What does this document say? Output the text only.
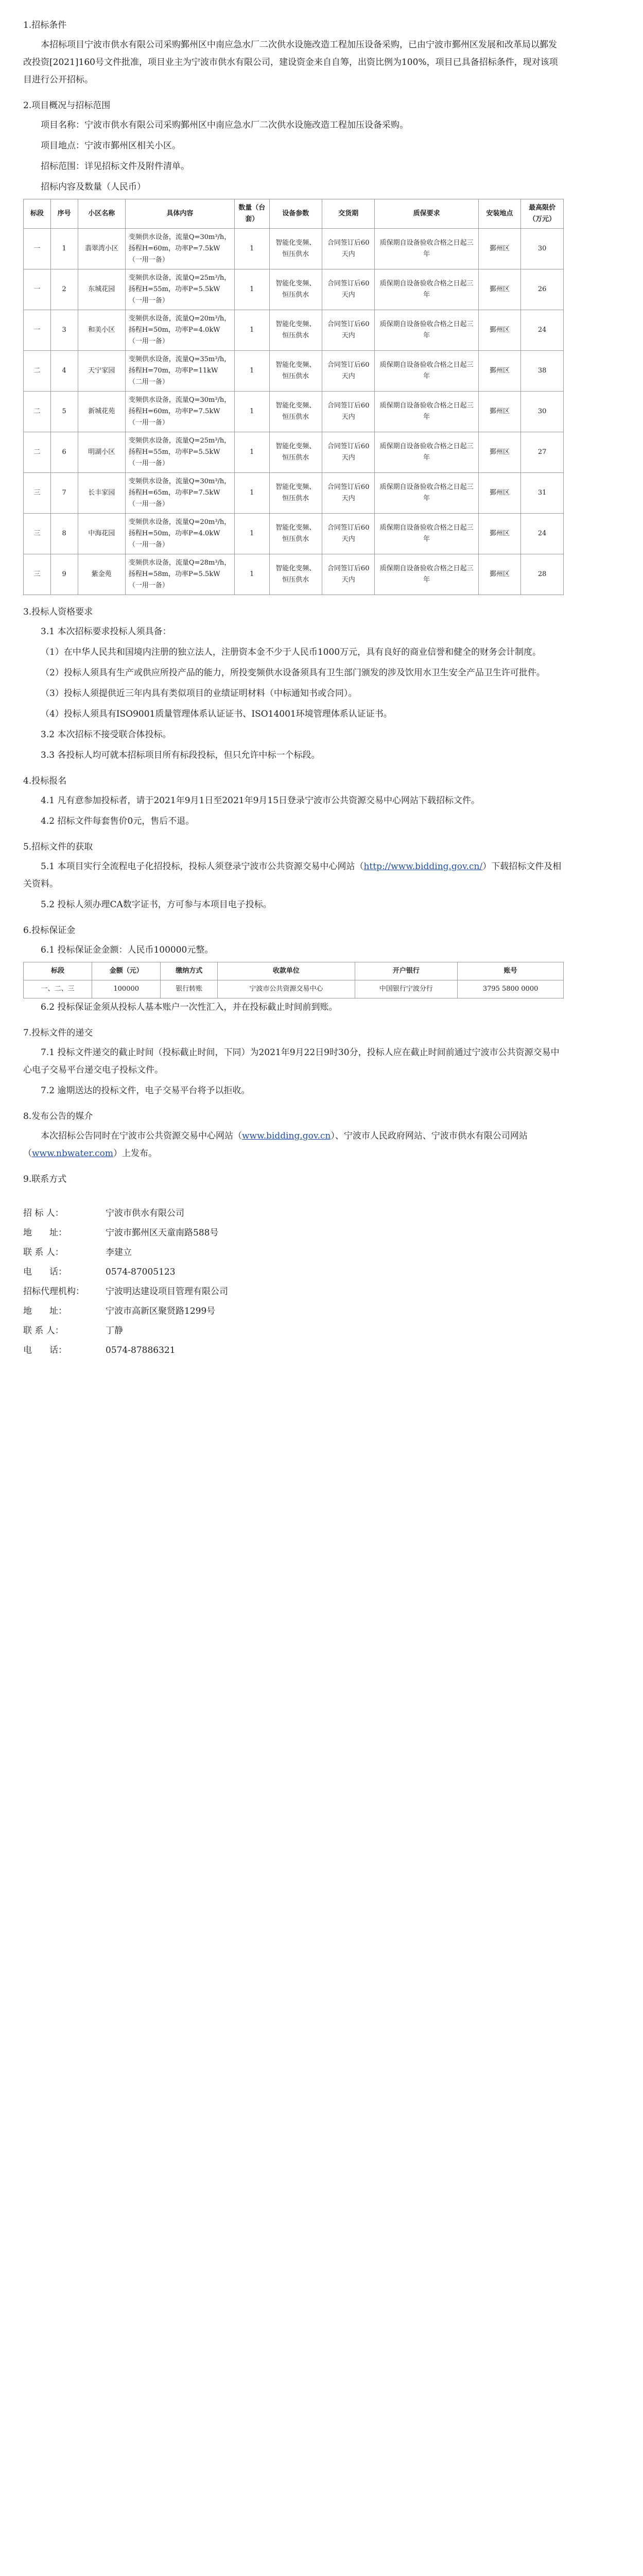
1.招标条件

本招标项目宁波市供水有限公司采购鄞州区中南应急水厂二次供水设施改造工程加压设备采购，已由宁波市鄞州区发展和改革局以鄞发改投资[2021]160号文件批准，项目业主为宁波市供水有限公司，建设资金来自自筹，出资比例为100%，项目已具备招标条件，现对该项目进行公开招标。

2.项目概况与招标范围

项目名称：宁波市供水有限公司采购鄞州区中南应急水厂二次供水设施改造工程加压设备采购。

项目地点：宁波市鄞州区相关小区。

招标范围：详见招标文件及附件清单。

招标内容及数量（人民币）

标段	序号	小区名称	具体内容	数量（台套）	设备参数	交货期	质保要求	安装地点	最高限价（万元）
一	1	翡翠湾小区	变频供水设备，流量Q=30m³/h，扬程H=60m，功率P=7.5kW（一用一备）	1	智能化变频、恒压供水	合同签订后60天内	质保期自设备验收合格之日起三年	鄞州区	30
一	2	东城花园	变频供水设备，流量Q=25m³/h，扬程H=55m，功率P=5.5kW（一用一备）	1	智能化变频、恒压供水	合同签订后60天内	质保期自设备验收合格之日起三年	鄞州区	26
一	3	和美小区	变频供水设备，流量Q=20m³/h，扬程H=50m，功率P=4.0kW（一用一备）	1	智能化变频、恒压供水	合同签订后60天内	质保期自设备验收合格之日起三年	鄞州区	24
二	4	天宁家园	变频供水设备，流量Q=35m³/h，扬程H=70m，功率P=11kW（二用一备）	1	智能化变频、恒压供水	合同签订后60天内	质保期自设备验收合格之日起三年	鄞州区	38
二	5	新城花苑	变频供水设备，流量Q=30m³/h，扬程H=60m，功率P=7.5kW（一用一备）	1	智能化变频、恒压供水	合同签订后60天内	质保期自设备验收合格之日起三年	鄞州区	30
二	6	明湖小区	变频供水设备，流量Q=25m³/h，扬程H=55m，功率P=5.5kW（一用一备）	1	智能化变频、恒压供水	合同签订后60天内	质保期自设备验收合格之日起三年	鄞州区	27
三	7	长丰家园	变频供水设备，流量Q=30m³/h，扬程H=65m，功率P=7.5kW（一用一备）	1	智能化变频、恒压供水	合同签订后60天内	质保期自设备验收合格之日起三年	鄞州区	31
三	8	中海花园	变频供水设备，流量Q=20m³/h，扬程H=50m，功率P=4.0kW（一用一备）	1	智能化变频、恒压供水	合同签订后60天内	质保期自设备验收合格之日起三年	鄞州区	24
三	9	紫金苑	变频供水设备，流量Q=28m³/h，扬程H=58m，功率P=5.5kW（一用一备）	1	智能化变频、恒压供水	合同签订后60天内	质保期自设备验收合格之日起三年	鄞州区	28
3.投标人资格要求

3.1 本次招标要求投标人须具备：

（1）在中华人民共和国境内注册的独立法人，注册资本金不少于人民币1000万元，具有良好的商业信誉和健全的财务会计制度。

（2）投标人须具有生产或供应所投产品的能力，所投变频供水设备须具有卫生部门颁发的涉及饮用水卫生安全产品卫生许可批件。

（3）投标人须提供近三年内具有类似项目的业绩证明材料（中标通知书或合同）。

（4）投标人须具有ISO9001质量管理体系认证证书、ISO14001环境管理体系认证证书。

3.2 本次招标不接受联合体投标。

3.3 各投标人均可就本招标项目所有标段投标，但只允许中标一个标段。

4.投标报名

4.1 凡有意参加投标者，请于2021年9月1日至2021年9月15日登录宁波市公共资源交易中心网站下载招标文件。

4.2 招标文件每套售价0元，售后不退。

5.招标文件的获取

5.1 本项目实行全流程电子化招投标，投标人须登录宁波市公共资源交易中心网站（http://www.bidding.gov.cn/）下载招标文件及相关资料。

5.2 投标人须办理CA数字证书，方可参与本项目电子投标。

6.投标保证金

6.1 投标保证金金额：人民币100000元整。

标段	金额（元）	缴纳方式	收款单位	开户银行	账号
一、二、三	100000	银行转账	宁波市公共资源交易中心	中国银行宁波分行	3795 5800 0000

6.2 投标保证金须从投标人基本账户一次性汇入，并在投标截止时间前到账。

7.投标文件的递交

7.1 投标文件递交的截止时间（投标截止时间，下同）为2021年9月22日9时30分，投标人应在截止时间前通过宁波市公共资源交易中心电子交易平台递交电子投标文件。

7.2 逾期送达的投标文件，电子交易平台将予以拒收。

8.发布公告的媒介

本次招标公告同时在宁波市公共资源交易中心网站（www.bidding.gov.cn）、宁波市人民政府网站、宁波市供水有限公司网站（www.nbwater.com）上发布。

9.联系方式
招 标 人：	宁波市供水有限公司
地　　址：	宁波市鄞州区天童南路588号
联 系 人：	李建立
电　　话：	0574-87005123
招标代理机构：	宁波明达建设项目管理有限公司
地　　址：	宁波市高新区聚贤路1299号
联 系 人：	丁静
电　　话：	0574-87886321
